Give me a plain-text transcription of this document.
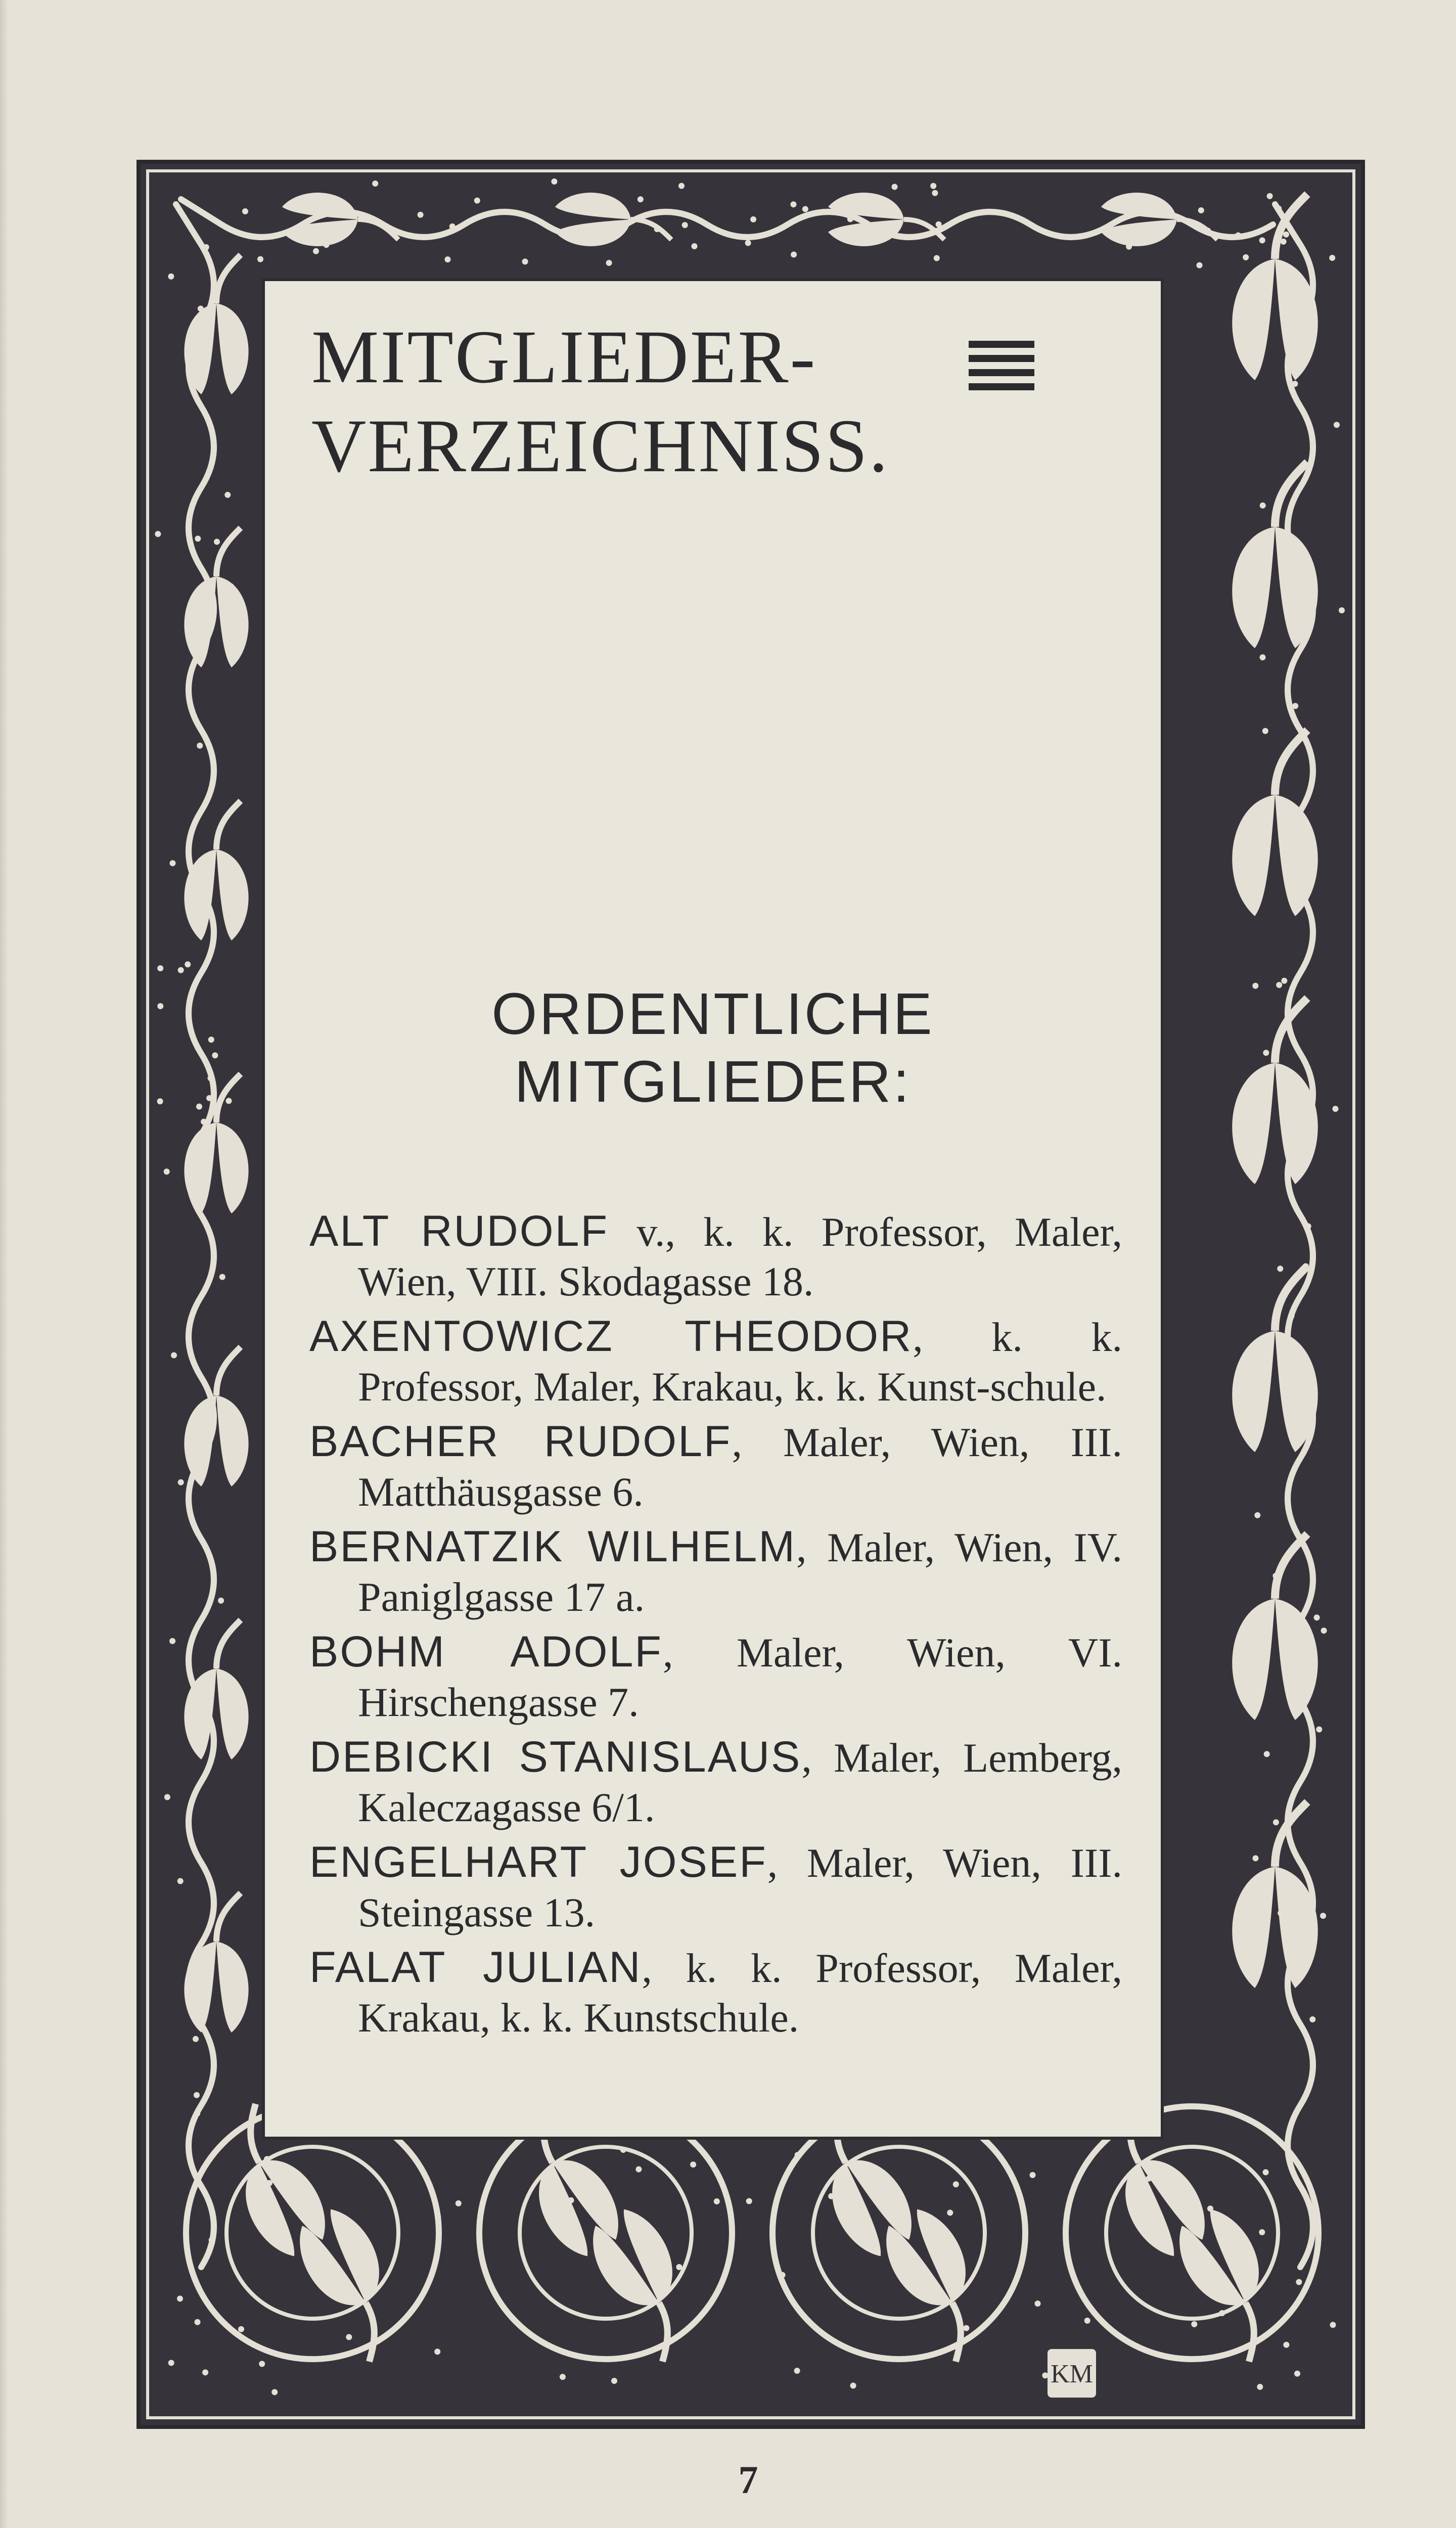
KM
MITGLIEDER-
VERZEICHNISS.
ORDENTLICHE
MITGLIEDER:
ALT RUDOLF v., k. k. Professor, Maler, Wien, VIII. Skodagasse 18.
AXENTOWICZ THEODOR, k. k. Professor, Maler, Krakau, k. k. Kunst-schule.
BACHER RUDOLF, Maler, Wien, III. Matthäusgasse 6.
BERNATZIK WILHELM, Maler, Wien, IV. Paniglgasse 17 a.
BOHM ADOLF, Maler, Wien, VI. Hirschengasse 7.
DEBICKI STANISLAUS, Maler, Lemberg, Kaleczagasse 6/1.
ENGELHART JOSEF, Maler, Wien, III. Steingasse 13.
FALAT JULIAN, k. k. Professor, Maler, Krakau, k. k. Kunstschule.
7
